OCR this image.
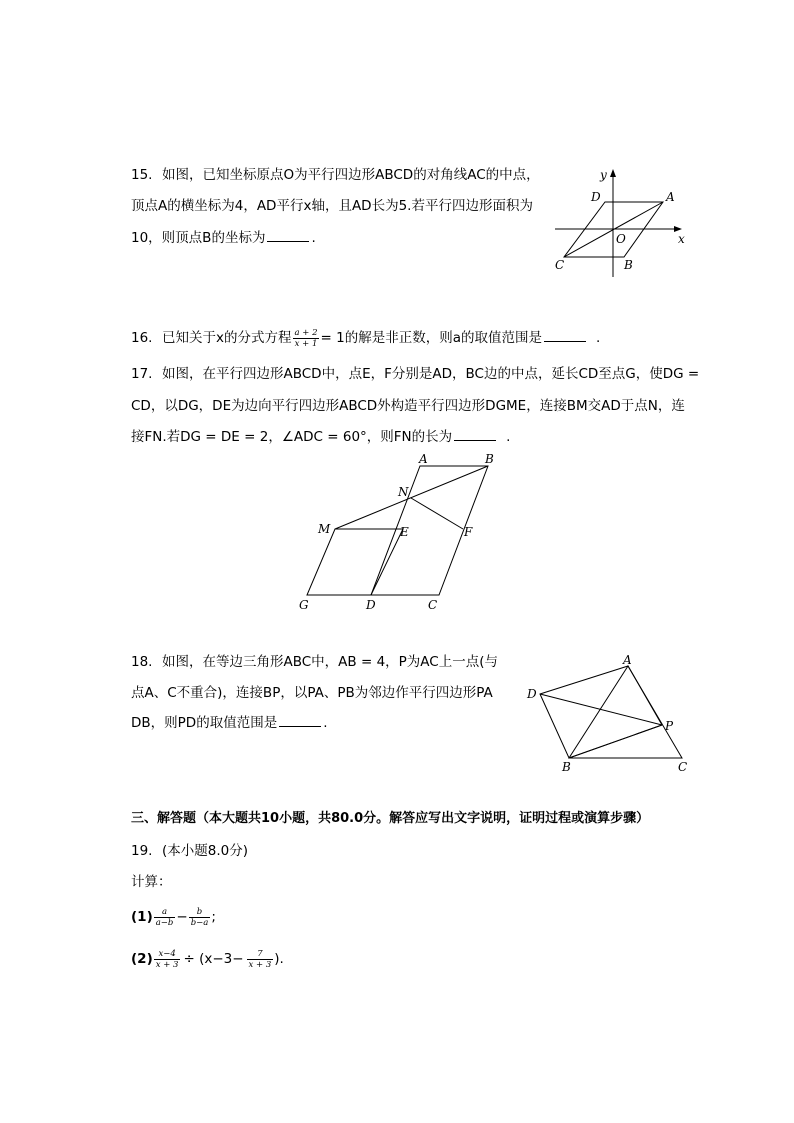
15. 如图，已知坐标原点O为平行四边形ABCD的对角线AC的中点，
顶点A的横坐标为4，AD平行x轴，且AD长为5.若平行四边形面积为
10，则顶点B的坐标为	.
y
x
D	A
O
C	B
16. 已知关于x的分式方程 $\frac{a + 2}{x + 1} = 1$的解是非正数，则a的取值范围是	.
17. 如图，在平行四边形ABCD中，点E，F分别是AD，BC边的中点，延长CD至点G，使DG =
CD，以DG，DE为边向平行四边形ABCD外构造平行四边形DGME，连接BM交AD于点N，连
接FN.若DG = DE = 2，∠ADC = 60°，则FN的长为	.
A	B
N
M	E	F
G	D	C
18. 如图，在等边三角形ABC中，AB = 4，P为AC上一点(与
点A、C不重合)，连接BP，以PA、PB为邻边作平行四边形PA
DB，则PD的取值范围是	.
A
D
P
B	C
三、解答题（本大题共10小题，共80.0分。解答应写出文字说明，证明过程或演算步骤）
19. (本小题8.0分)
计算：
$(1) \frac{a}{a-b} - \frac{b}{b-a}$ ;
$(2) \frac{x-4}{x + 3} \div (x-3- \frac{7}{x + 3}$ ).
